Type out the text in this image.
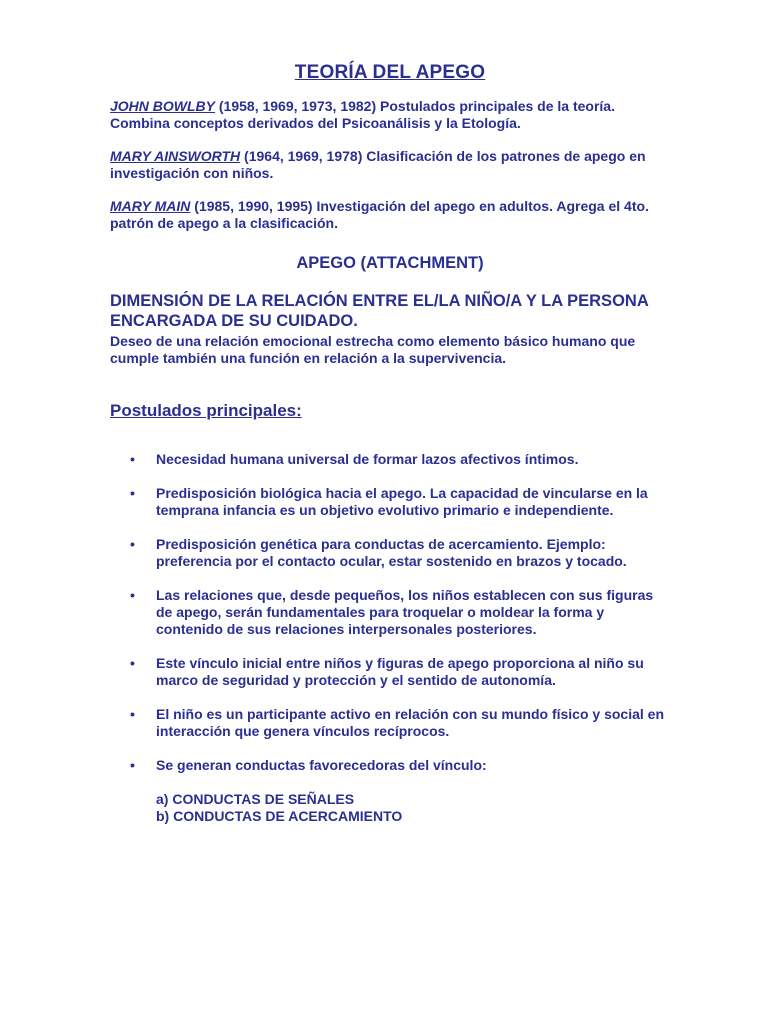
TEORÍA DEL APEGO

JOHN BOWLBY (1958, 1969, 1973, 1982) Postulados principales de la teoría. Combina conceptos derivados del Psicoanálisis y la Etología.

MARY AINSWORTH (1964, 1969, 1978) Clasificación de los patrones de apego en investigación con niños.

MARY MAIN (1985, 1990, 1995) Investigación del apego en adultos. Agrega el 4to. patrón de apego a la clasificación.

APEGO (ATTACHMENT)

DIMENSIÓN DE LA RELACIÓN ENTRE EL/LA NIÑO/A Y LA PERSONA ENCARGADA DE SU CUIDADO.

Deseo de una relación emocional estrecha como elemento básico humano que cumple también una función en relación a la supervivencia.

Postulados principales:
• Necesidad humana universal de formar lazos afectivos íntimos.
• Predisposición biológica hacia el apego. La capacidad de vincularse en la temprana infancia es un objetivo evolutivo primario e independiente.
• Predisposición genética para conductas de acercamiento. Ejemplo: preferencia por el contacto ocular, estar sostenido en brazos y tocado.
• Las relaciones que, desde pequeños, los niños establecen con sus figuras de apego, serán fundamentales para troquelar o moldear la forma y contenido de sus relaciones interpersonales posteriores.
• Este vínculo inicial entre niños y figuras de apego proporciona al niño su marco de seguridad y protección y el sentido de autonomía.
• El niño es un participante activo en relación con su mundo físico y social en interacción que genera vínculos recíprocos.
• Se generan conductas favorecedoras del vínculo:
a) CONDUCTAS DE SEÑALES
b) CONDUCTAS DE ACERCAMIENTO
